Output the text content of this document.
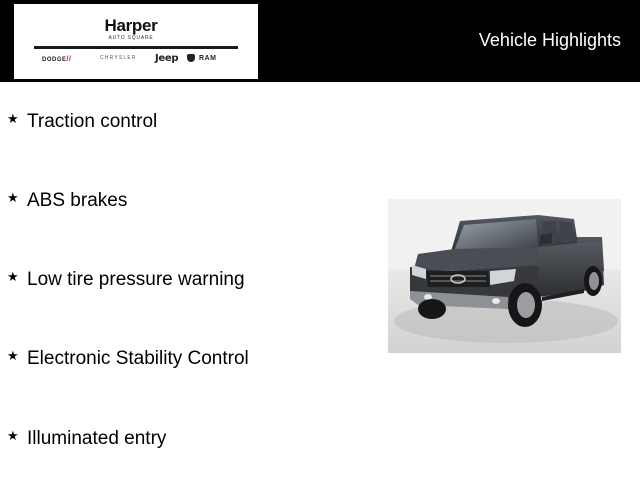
Harper
AUTO SQUARE
DODGE//	CHRYSLER Jeep	RAM
Vehicle Highlights
★ Traction control
★ ABS brakes
★ Low tire pressure warning
★ Electronic Stability Control
★ Illuminated entry
